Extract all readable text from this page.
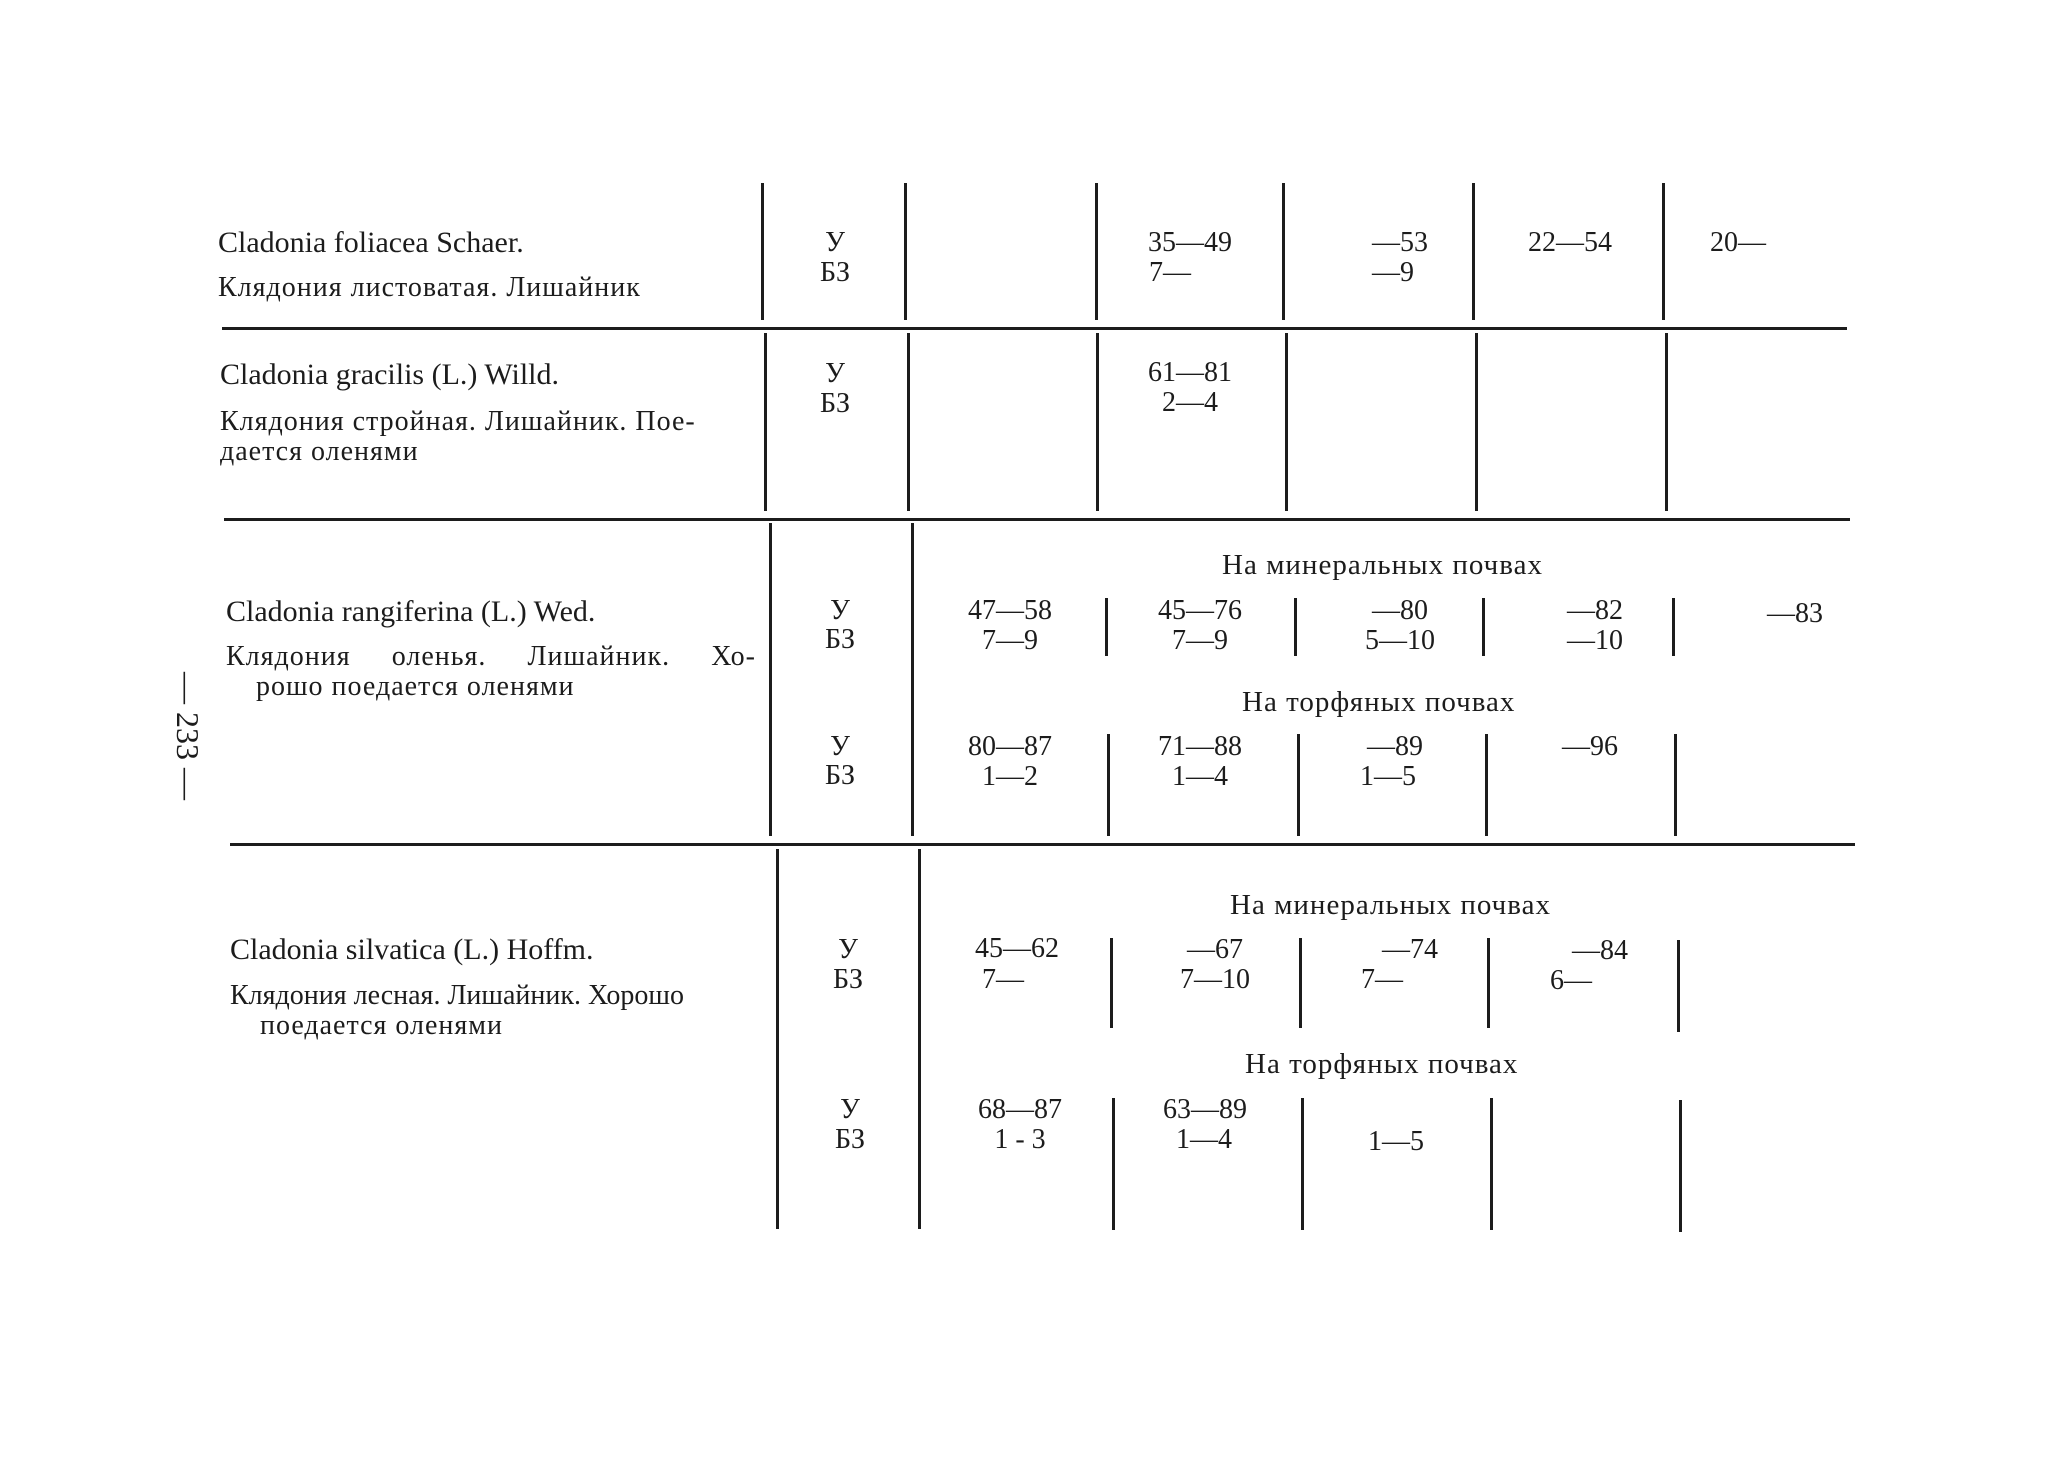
— 233 —
Cladonia foliacea Schaer.
Клядония листоватая. Лишайник
У
БЗ
35—49
7—
—53
—9
22—54	20—
Cladonia gracilis (L.) Willd.
Клядония стройная. Лишайник. Пое-
дается оленями
У
БЗ
61—81
2—4
Cladonia rangiferina (L.) Wed.
Клядония оленья. Лишайник. Хо-
рошо поедается оленями
На минеральных почвах
У
БЗ
47—58
7—9
45—76
7—9
—80
5—10
—82
—10
—83
На торфяных почвах
У
БЗ
80—87
1—2
71—88
1—4
—89
1—5
—96
Cladonia silvatica (L.) Hoffm.
Клядония лесная. Лишайник. Хорошо
поедается оленями
На минеральных почвах
У
БЗ
45—62
7—
—67
7—10
—74
7—
—84
6—
На торфяных почвах
У
БЗ
68—87
1 - 3
63—89
1—4	1—5
